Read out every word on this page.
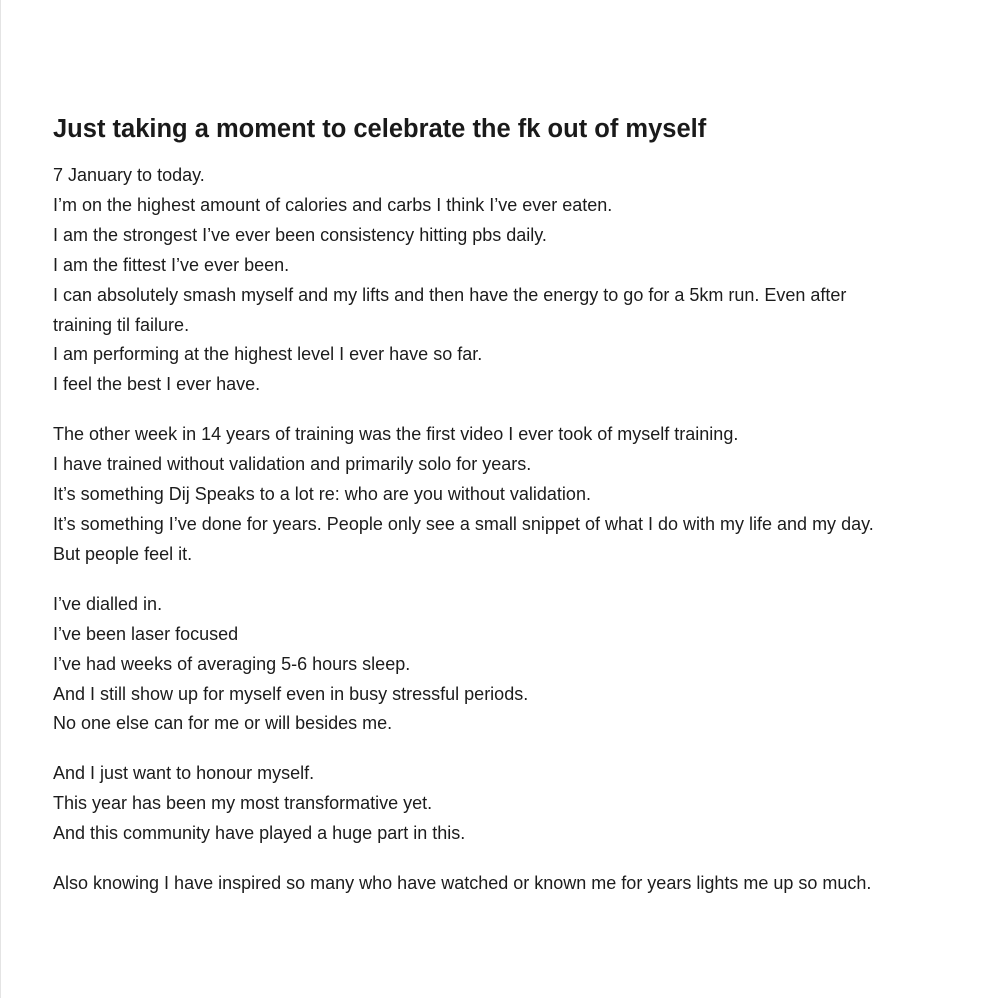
Just taking a moment to celebrate the fk out of myself

7 January to today.
I’m on the highest amount of calories and carbs I think I’ve ever eaten.
I am the strongest I’ve ever been consistency hitting pbs daily.
I am the fittest I’ve ever been.
I can absolutely smash myself and my lifts and then have the energy to go for a 5km run. Even after
training til failure.
I am performing at the highest level I ever have so far.
I feel the best I ever have.

The other week in 14 years of training was the first video I ever took of myself training.
I have trained without validation and primarily solo for years.
It’s something Dij Speaks to a lot re: who are you without validation.
It’s something I’ve done for years. People only see a small snippet of what I do with my life and my day.
But people feel it.

I’ve dialled in.
I’ve been laser focused
I’ve had weeks of averaging 5-6 hours sleep.
And I still show up for myself even in busy stressful periods.
No one else can for me or will besides me.

And I just want to honour myself.
This year has been my most transformative yet.
And this community have played a huge part in this.

Also knowing I have inspired so many who have watched or known me for years lights me up so much.
